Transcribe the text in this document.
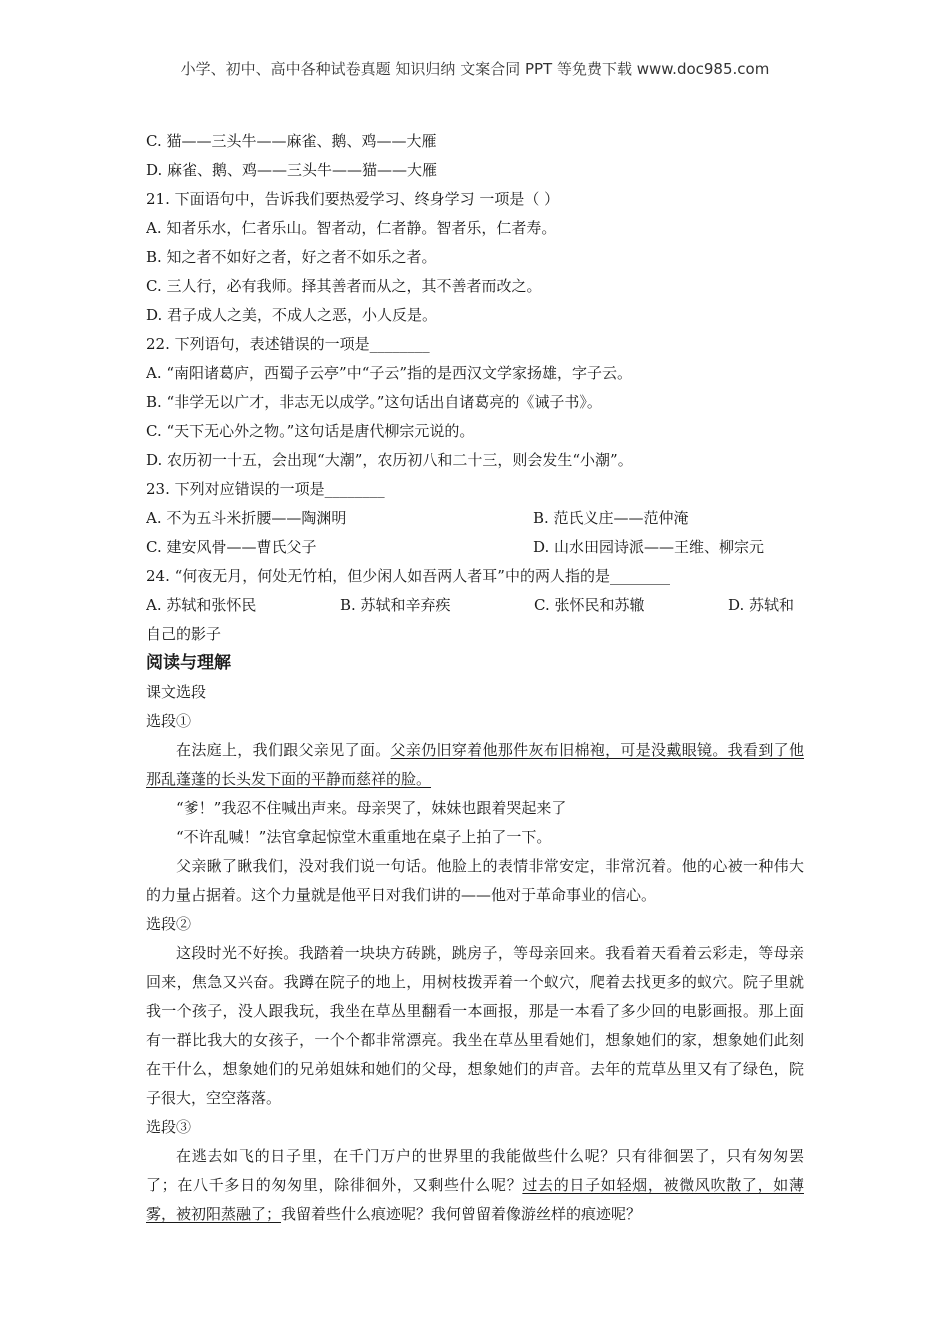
小学、初中、高中各种试卷真题 知识归纳 文案合同 PPT 等免费下载 www.doc985.com
C. 猫——三头牛——麻雀、鹅、鸡——大雁
D. 麻雀、鹅、鸡——三头牛——猫——大雁
21. 下面语句中，告诉我们要热爱学习、终身学习 一项是（ ）
A. 知者乐水，仁者乐山。智者动，仁者静。智者乐，仁者寿。
B. 知之者不如好之者，好之者不如乐之者。
C. 三人行，必有我师。择其善者而从之，其不善者而改之。
D. 君子成人之美，不成人之恶，小人反是。
22. 下列语句，表述错误的一项是________
A. “南阳诸葛庐，西蜀子云亭”中“子云”指的是西汉文学家扬雄，字子云。
B. “非学无以广才，非志无以成学。”这句话出自诸葛亮的《诫子书》。
C. “天下无心外之物。”这句话是唐代柳宗元说的。
D. 农历初一十五，会出现“大潮”，农历初八和二十三，则会发生“小潮”。
23. 下列对应错误的一项是________
A. 不为五斗米折腰——陶渊明	B. 范氏义庄——范仲淹
C. 建安风骨——曹氏父子	D. 山水田园诗派——王维、柳宗元
24. “何夜无月，何处无竹柏，但少闲人如吾两人者耳”中的两人指的是________
A. 苏轼和张怀民	B. 苏轼和辛弃疾	C. 张怀民和苏辙	D. 苏轼和
自己的影子
阅读与理解
课文选段
选段①
在法庭上，我们跟父亲见了面。父亲仍旧穿着他那件灰布旧棉袍，可是没戴眼镜。我看到了他那乱蓬蓬的长头发下面的平静而慈祥的脸。
“爹！”我忍不住喊出声来。母亲哭了，妹妹也跟着哭起来了
“不许乱喊！”法官拿起惊堂木重重地在桌子上拍了一下。
父亲瞅了瞅我们，没对我们说一句话。他脸上的表情非常安定，非常沉着。他的心被一种伟大的力量占据着。这个力量就是他平日对我们讲的——他对于革命事业的信心。
选段②
这段时光不好挨。我踏着一块块方砖跳，跳房子，等母亲回来。我看着天看着云彩走，等母亲回来，焦急又兴奋。我蹲在院子的地上，用树枝拨弄着一个蚁穴，爬着去找更多的蚁穴。院子里就我一个孩子，没人跟我玩，我坐在草丛里翻看一本画报，那是一本看了多少回的电影画报。那上面有一群比我大的女孩子，一个个都非常漂亮。我坐在草丛里看她们，想象她们的家，想象她们此刻在干什么，想象她们的兄弟姐妹和她们的父母，想象她们的声音。去年的荒草丛里又有了绿色，院子很大，空空落落。
选段③
在逃去如飞的日子里，在千门万户的世界里的我能做些什么呢？只有徘徊罢了，只有匆匆罢了；在八千多日的匆匆里，除徘徊外，又剩些什么呢？过去的日子如轻烟，被微风吹散了，如薄雾，被初阳蒸融了；我留着些什么痕迹呢？我何曾留着像游丝样的痕迹呢？
